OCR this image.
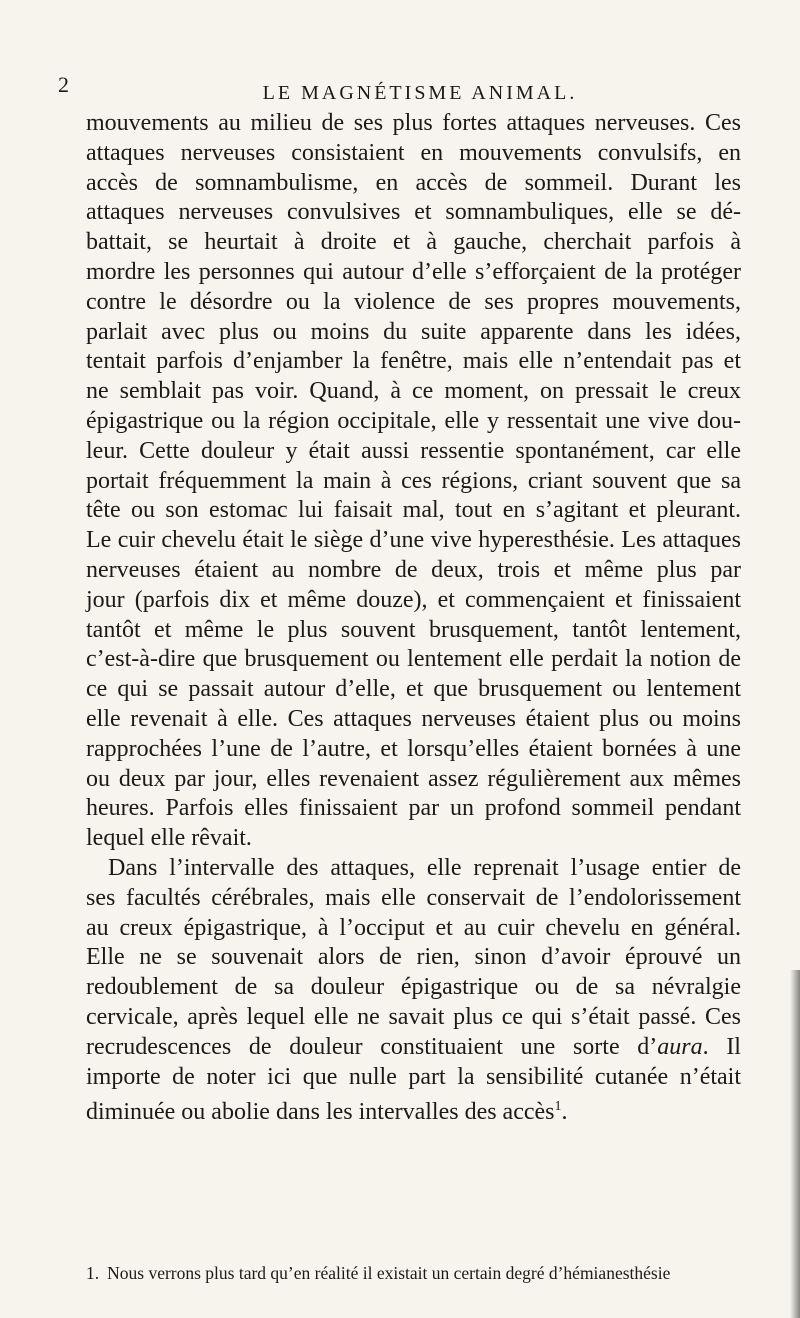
2	LE MAGNÉTISME ANIMAL.
mouvements au milieu de ses plus fortes attaques nerveuses. Ces
attaques nerveuses consistaient en mouvements convulsifs, en
accès de somnambulisme, en accès de sommeil. Durant les
attaques nerveuses convulsives et somnambuliques, elle se dé-
battait, se heurtait à droite et à gauche, cherchait parfois à
mordre les personnes qui autour d’elle s’efforçaient de la protéger
contre le désordre ou la violence de ses propres mouvements,
parlait avec plus ou moins du suite apparente dans les idées,
tentait parfois d’enjamber la fenêtre, mais elle n’entendait pas et
ne semblait pas voir. Quand, à ce moment, on pressait le creux
épigastrique ou la région occipitale, elle y ressentait une vive dou-
leur. Cette douleur y était aussi ressentie spontanément, car elle
portait fréquemment la main à ces régions, criant souvent que sa
tête ou son estomac lui faisait mal, tout en s’agitant et pleurant.
Le cuir chevelu était le siège d’une vive hyperesthésie. Les attaques
nerveuses étaient au nombre de deux, trois et même plus par
jour (parfois dix et même douze), et commençaient et finissaient
tantôt et même le plus souvent brusquement, tantôt lentement,
c’est-à-dire que brusquement ou lentement elle perdait la notion de
ce qui se passait autour d’elle, et que brusquement ou lentement
elle revenait à elle. Ces attaques nerveuses étaient plus ou moins
rapprochées l’une de l’autre, et lorsqu’elles étaient bornées à une
ou deux par jour, elles revenaient assez régulièrement aux mêmes
heures. Parfois elles finissaient par un profond sommeil pendant
lequel elle rêvait.
Dans l’intervalle des attaques, elle reprenait l’usage entier de
ses facultés cérébrales, mais elle conservait de l’endolorissement
au creux épigastrique, à l’occiput et au cuir chevelu en général.
Elle ne se souvenait alors de rien, sinon d’avoir éprouvé un
redoublement de sa douleur épigastrique ou de sa névralgie
cervicale, après lequel elle ne savait plus ce qui s’était passé. Ces
recrudescences de douleur constituaient une sorte d’aura. Il
importe de noter ici que nulle part la sensibilité cutanée n’était
diminuée ou abolie dans les intervalles des accès$^1$.
1. Nous verrons plus tard qu’en réalité il existait un certain degré d’hémianesthésie
